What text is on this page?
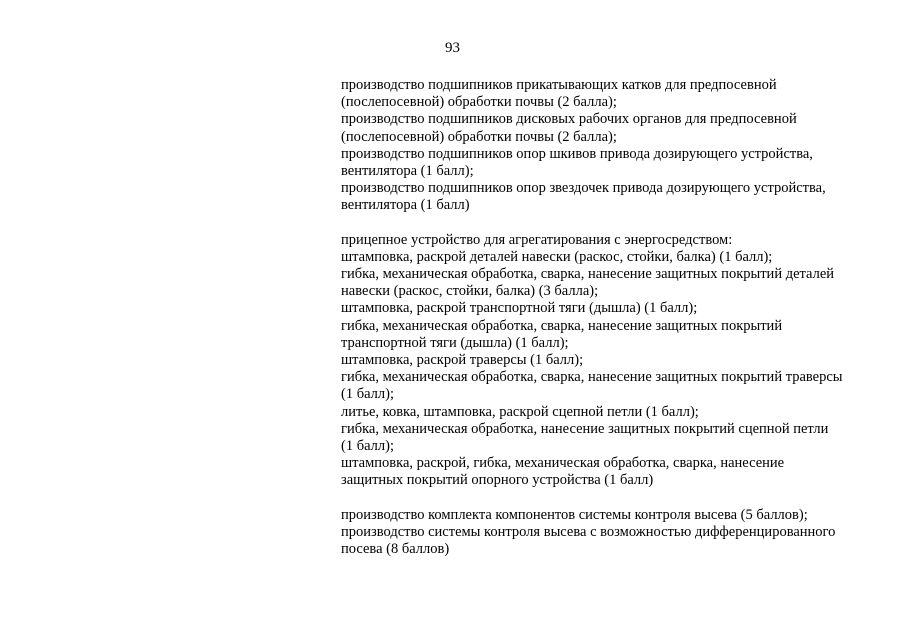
93
производство подшипников прикатывающих катков для предпосевной
(послепосевной) обработки почвы (2 балла);
производство подшипников дисковых рабочих органов для предпосевной
(послепосевной) обработки почвы (2 балла);
производство подшипников опор шкивов привода дозирующего устройства,
вентилятора (1 балл);
производство подшипников опор звездочек привода дозирующего устройства,
вентилятора (1 балл)
прицепное устройство для агрегатирования с энергосредством:
штамповка, раскрой деталей навески (раскос, стойки, балка) (1 балл);
гибка, механическая обработка, сварка, нанесение защитных покрытий деталей
навески (раскос, стойки, балка) (3 балла);
штамповка, раскрой транспортной тяги (дышла) (1 балл);
гибка, механическая обработка, сварка, нанесение защитных покрытий
транспортной тяги (дышла) (1 балл);
штамповка, раскрой траверсы (1 балл);
гибка, механическая обработка, сварка, нанесение защитных покрытий траверсы
(1 балл);
литье, ковка, штамповка, раскрой сцепной петли (1 балл);
гибка, механическая обработка, нанесение защитных покрытий сцепной петли
(1 балл);
штамповка, раскрой, гибка, механическая обработка, сварка, нанесение
защитных покрытий опорного устройства (1 балл)
производство комплекта компонентов системы контроля высева (5 баллов);
производство системы контроля высева с возможностью дифференцированного
посева (8 баллов)
